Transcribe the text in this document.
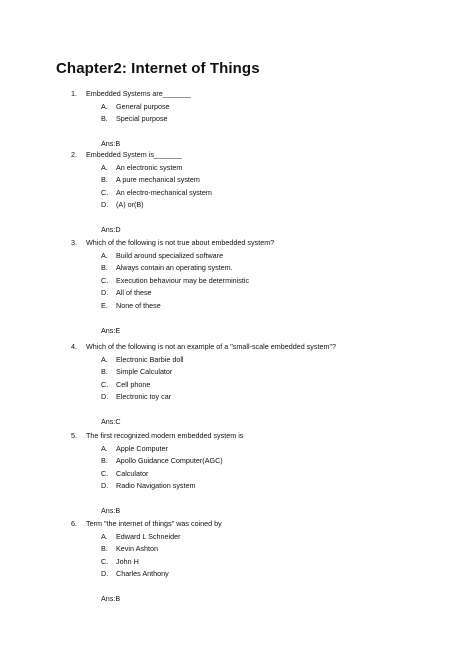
Chapter2: Internet of Things
1. Embedded Systems are_______
A. General purpose
B. Special purpose
Ans:B
2. Embedded System is_______
A. An electronic system
B. A pure mechanical system
C. An electro-mechanical system
D. (A) or(B)
Ans:D
3. Which of the following is not true about embedded system?
A. Build around specialized software
B. Always contain an operating system.
C. Execution behaviour may be deterministic
D. All of these
E. None of these
Ans:E
4. Which of the following is not an example of a "small-scale embedded system"?
A. Electronic Barbie doll
B. Simple Calculator
C. Cell phone
D. Electronic toy car
Ans:C
5. The first recognized modern embedded system is
A. Apple Computer
B. Apollo Guidance Computer(AGC)
C. Calculator
D. Radio Navigation system
Ans:B
6. Term "the internet of things" was coined by
A. Edward L Schneider
B. Kevin Ashton
C. John H
D. Charles Anthony
Ans:B
